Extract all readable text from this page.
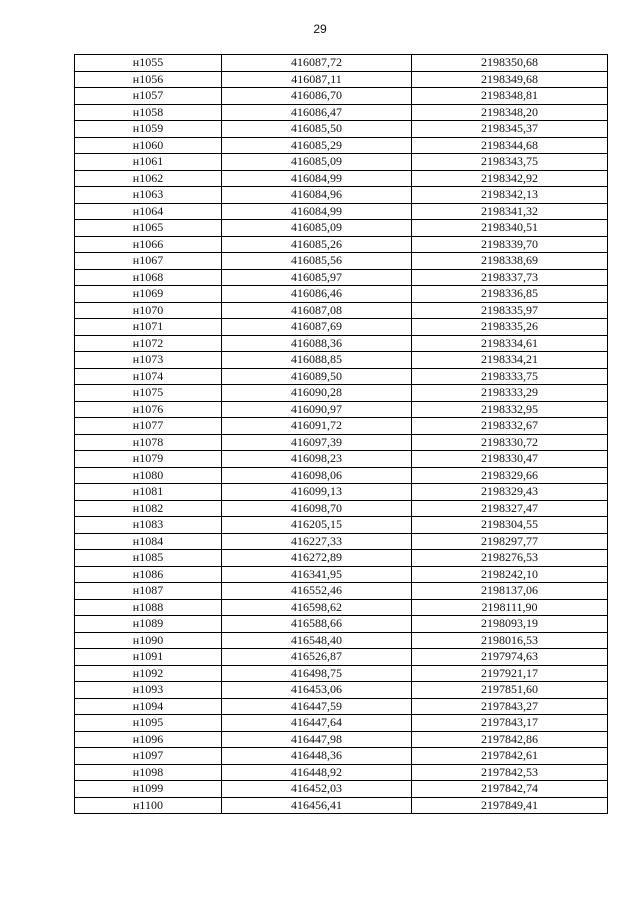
29
н1055	416087,72	2198350,68
н1056	416087,11	2198349,68
н1057	416086,70	2198348,81
н1058	416086,47	2198348,20
н1059	416085,50	2198345,37
н1060	416085,29	2198344,68
н1061	416085,09	2198343,75
н1062	416084,99	2198342,92
н1063	416084,96	2198342,13
н1064	416084,99	2198341,32
н1065	416085,09	2198340,51
н1066	416085,26	2198339,70
н1067	416085,56	2198338,69
н1068	416085,97	2198337,73
н1069	416086,46	2198336,85
н1070	416087,08	2198335,97
н1071	416087,69	2198335,26
н1072	416088,36	2198334,61
н1073	416088,85	2198334,21
н1074	416089,50	2198333,75
н1075	416090,28	2198333,29
н1076	416090,97	2198332,95
н1077	416091,72	2198332,67
н1078	416097,39	2198330,72
н1079	416098,23	2198330,47
н1080	416098,06	2198329,66
н1081	416099,13	2198329,43
н1082	416098,70	2198327,47
н1083	416205,15	2198304,55
н1084	416227,33	2198297,77
н1085	416272,89	2198276,53
н1086	416341,95	2198242,10
н1087	416552,46	2198137,06
н1088	416598,62	2198111,90
н1089	416588,66	2198093,19
н1090	416548,40	2198016,53
н1091	416526,87	2197974,63
н1092	416498,75	2197921,17
н1093	416453,06	2197851,60
н1094	416447,59	2197843,27
н1095	416447,64	2197843,17
н1096	416447,98	2197842,86
н1097	416448,36	2197842,61
н1098	416448,92	2197842,53
н1099	416452,03	2197842,74
н1100	416456,41	2197849,41
